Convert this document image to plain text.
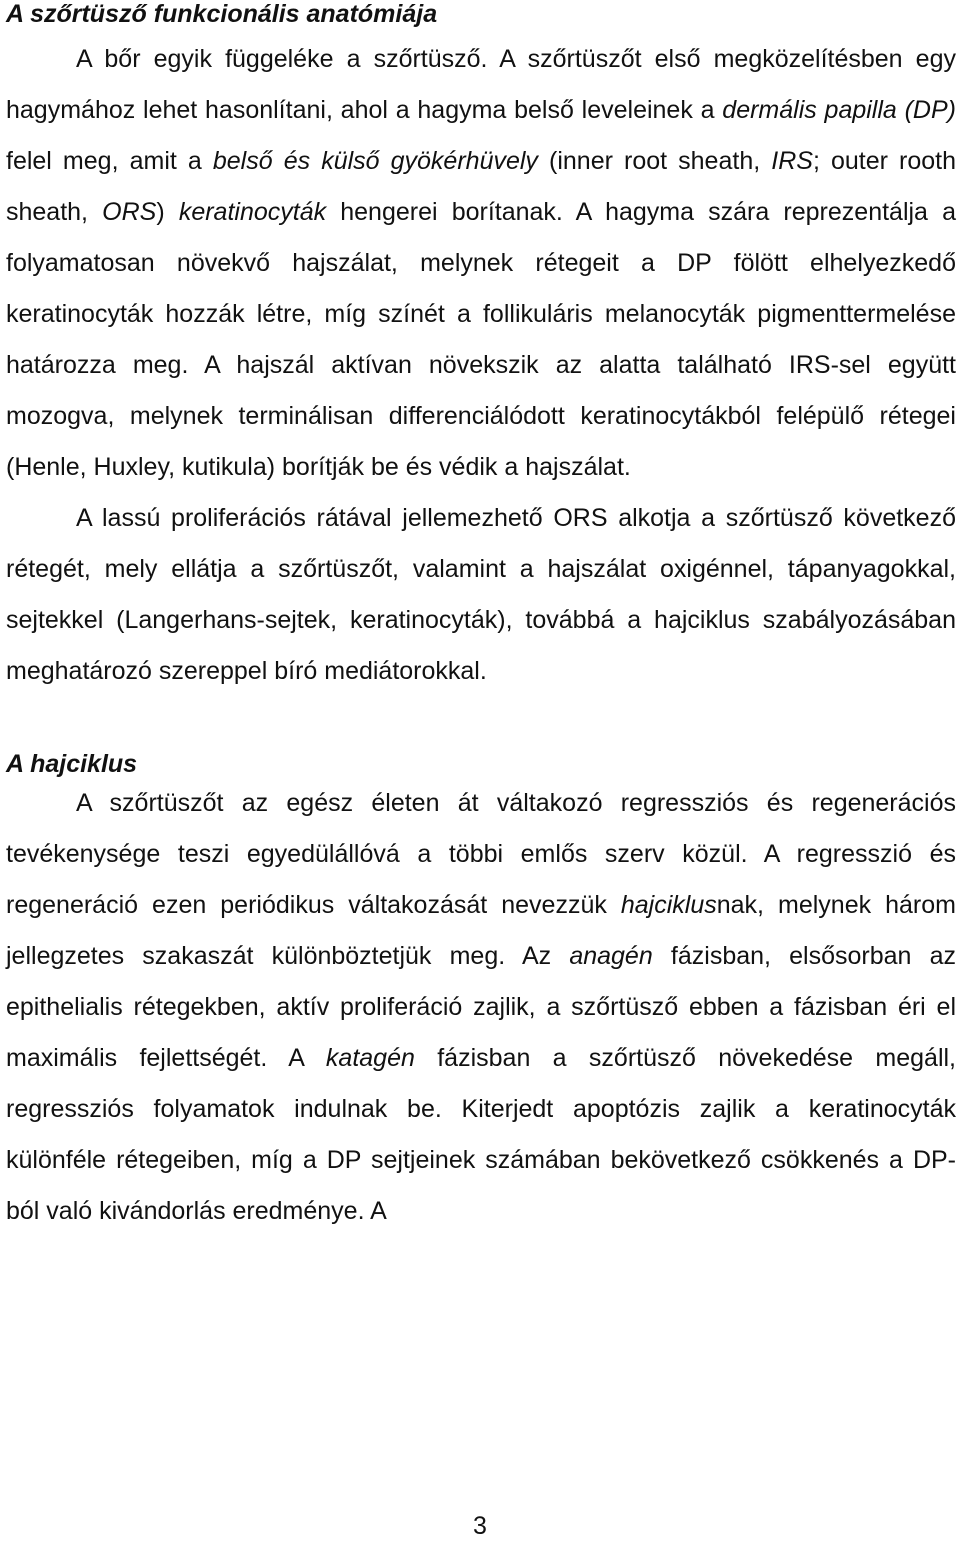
A szőrtüsző funkcionális anatómiája

A bőr egyik függeléke a szőrtüsző. A szőrtüszőt első megközelítésben egy hagymához lehet hasonlítani, ahol a hagyma belső leveleinek a dermális papilla (DP) felel meg, amit a belső és külső gyökérhüvely (inner root sheath, IRS; outer rooth sheath, ORS) keratinocyták hengerei borítanak. A hagyma szára reprezentálja a folyamatosan növekvő hajszálat, melynek rétegeit a DP fölött elhelyezkedő keratinocyták hozzák létre, míg színét a follikuláris melanocyták pigmenttermelése határozza meg. A hajszál aktívan növekszik az alatta található IRS-sel együtt mozogva, melynek terminálisan differenciálódott keratinocytákból felépülő rétegei (Henle, Huxley, kutikula) borítják be és védik a hajszálat.

A lassú proliferációs rátával jellemezhető ORS alkotja a szőrtüsző következő rétegét, mely ellátja a szőrtüszőt, valamint a hajszálat oxigénnel, tápanyagokkal, sejtekkel (Langerhans-sejtek, keratinocyták), továbbá a hajciklus szabályozásában meghatározó szereppel bíró mediátorokkal.

A hajciklus

A szőrtüszőt az egész életen át váltakozó regressziós és regenerációs tevékenysége teszi egyedülállóvá a többi emlős szerv közül. A regresszió és regeneráció ezen periódikus váltakozását nevezzük hajciklusnak, melynek három jellegzetes szakaszát különböztetjük meg. Az anagén fázisban, elsősorban az epithelialis rétegekben, aktív proliferáció zajlik, a szőrtüsző ebben a fázisban éri el maximális fejlettségét. A katagén fázisban a szőrtüsző növekedése megáll, regressziós folyamatok indulnak be. Kiterjedt apoptózis zajlik a keratinocyták különféle rétegeiben, míg a DP sejtjeinek számában bekövetkező csökkenés a DP-ból való kivándorlás eredménye. A

3
